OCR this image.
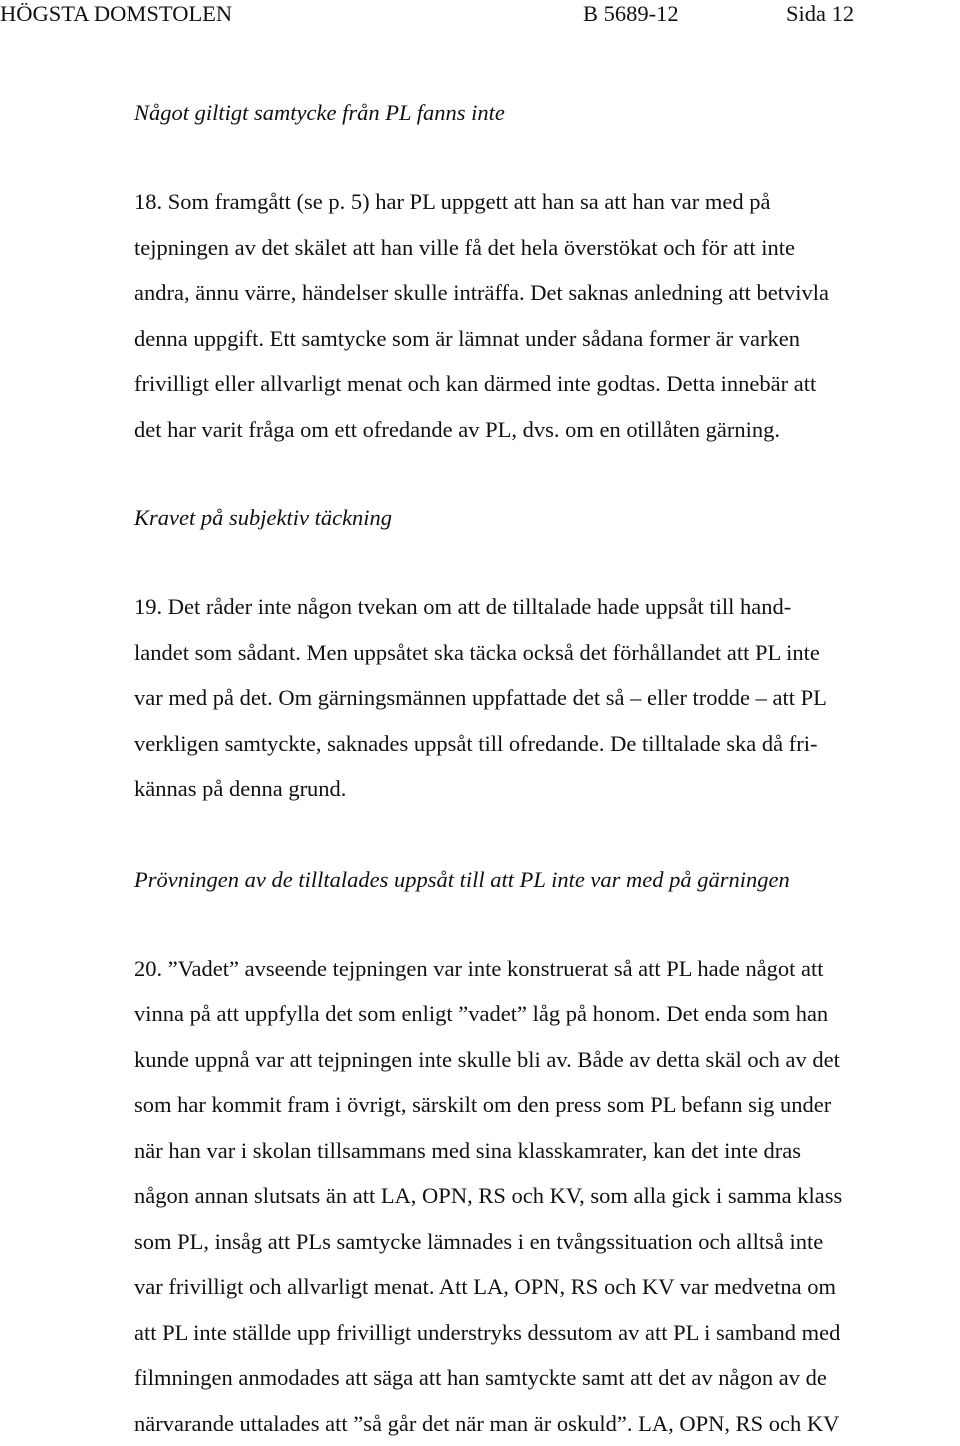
HÖGSTA DOMSTOLEN	B 5689-12	Sida 12

Något giltigt samtycke från PL fanns inte

18. Som framgått (se p. 5) har PL uppgett att han sa att han var med på
tejpningen av det skälet att han ville få det hela överstökat och för att inte
andra, ännu värre, händelser skulle inträffa. Det saknas anledning att betvivla
denna uppgift. Ett samtycke som är lämnat under sådana former är varken
frivilligt eller allvarligt menat och kan därmed inte godtas. Detta innebär att
det har varit fråga om ett ofredande av PL, dvs. om en otillåten gärning.

Kravet på subjektiv täckning

19. Det råder inte någon tvekan om att de tilltalade hade uppsåt till hand-
landet som sådant. Men uppsåtet ska täcka också det förhållandet att PL inte
var med på det. Om gärningsmännen uppfattade det så – eller trodde – att PL
verkligen samtyckte, saknades uppsåt till ofredande. De tilltalade ska då fri-
kännas på denna grund.

Prövningen av de tilltalades uppsåt till att PL inte var med på gärningen

20. ”Vadet” avseende tejpningen var inte konstruerat så att PL hade något att
vinna på att uppfylla det som enligt ”vadet” låg på honom. Det enda som han
kunde uppnå var att tejpningen inte skulle bli av. Både av detta skäl och av det
som har kommit fram i övrigt, särskilt om den press som PL befann sig under
när han var i skolan tillsammans med sina klasskamrater, kan det inte dras
någon annan slutsats än att LA, OPN, RS och KV, som alla gick i samma klass
som PL, insåg att PLs samtycke lämnades i en tvångssituation och alltså inte
var frivilligt och allvarligt menat. Att LA, OPN, RS och KV var medvetna om
att PL inte ställde upp frivilligt understryks dessutom av att PL i samband med
filmningen anmodades att säga att han samtyckte samt att det av någon av de
närvarande uttalades att ”så går det när man är oskuld”. LA, OPN, RS och KV
